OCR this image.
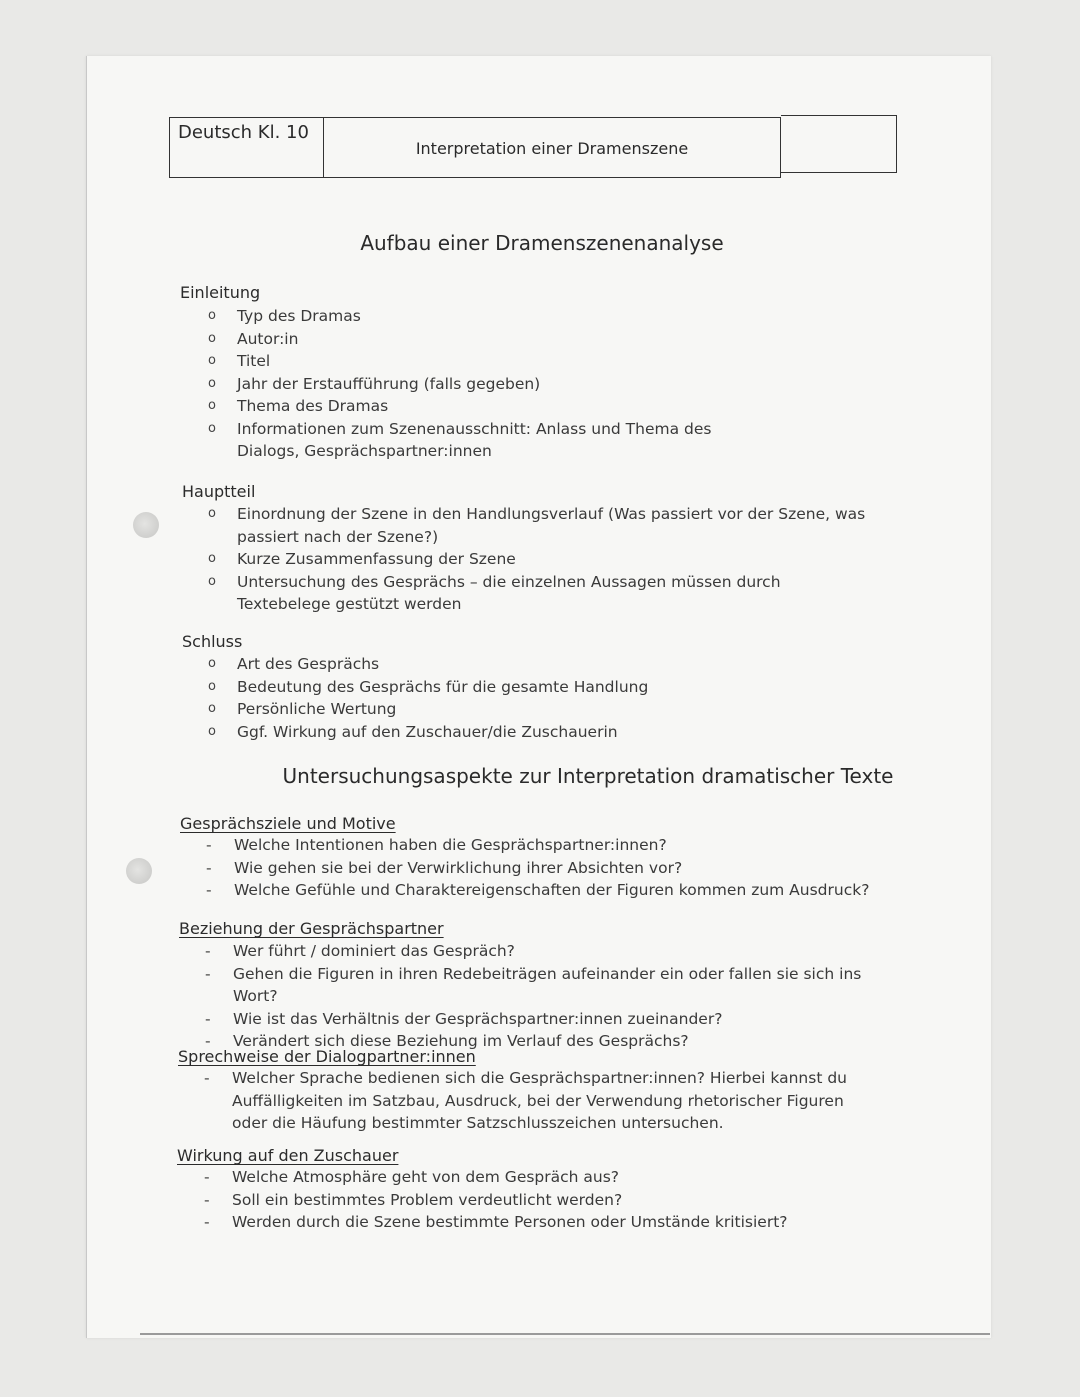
Deutsch Kl. 10
Interpretation einer Dramenszene
Aufbau einer Dramenszenenanalyse
Einleitung
o Typ des Dramas
o Autor:in
o Titel
o Jahr der Erstaufführung (falls gegeben)
o Thema des Dramas
o Informationen zum Szenenausschnitt: Anlass und Thema des Dialogs, Gesprächspartner:innen
Hauptteil
o Einordnung der Szene in den Handlungsverlauf (Was passiert vor der Szene, was passiert nach der Szene?)
o Kurze Zusammenfassung der Szene
o Untersuchung des Gesprächs – die einzelnen Aussagen müssen durch Textebelege gestützt werden
Schluss
o Art des Gesprächs
o Bedeutung des Gesprächs für die gesamte Handlung
o Persönliche Wertung
o Ggf. Wirkung auf den Zuschauer/die Zuschauerin
Untersuchungsaspekte zur Interpretation dramatischer Texte
Gesprächsziele und Motive
- Welche Intentionen haben die Gesprächspartner:innen?
- Wie gehen sie bei der Verwirklichung ihrer Absichten vor?
- Welche Gefühle und Charaktereigenschaften der Figuren kommen zum Ausdruck?
Beziehung der Gesprächspartner
- Wer führt / dominiert das Gespräch?
- Gehen die Figuren in ihren Redebeiträgen aufeinander ein oder fallen sie sich ins Wort?
- Wie ist das Verhältnis der Gesprächspartner:innen zueinander?
- Verändert sich diese Beziehung im Verlauf des Gesprächs?
Sprechweise der Dialogpartner:innen
- Welcher Sprache bedienen sich die Gesprächspartner:innen? Hierbei kannst du Auffälligkeiten im Satzbau, Ausdruck, bei der Verwendung rhetorischer Figuren oder die Häufung bestimmter Satzschlusszeichen untersuchen.
Wirkung auf den Zuschauer
- Welche Atmosphäre geht von dem Gespräch aus?
- Soll ein bestimmtes Problem verdeutlicht werden?
- Werden durch die Szene bestimmte Personen oder Umstände kritisiert?
